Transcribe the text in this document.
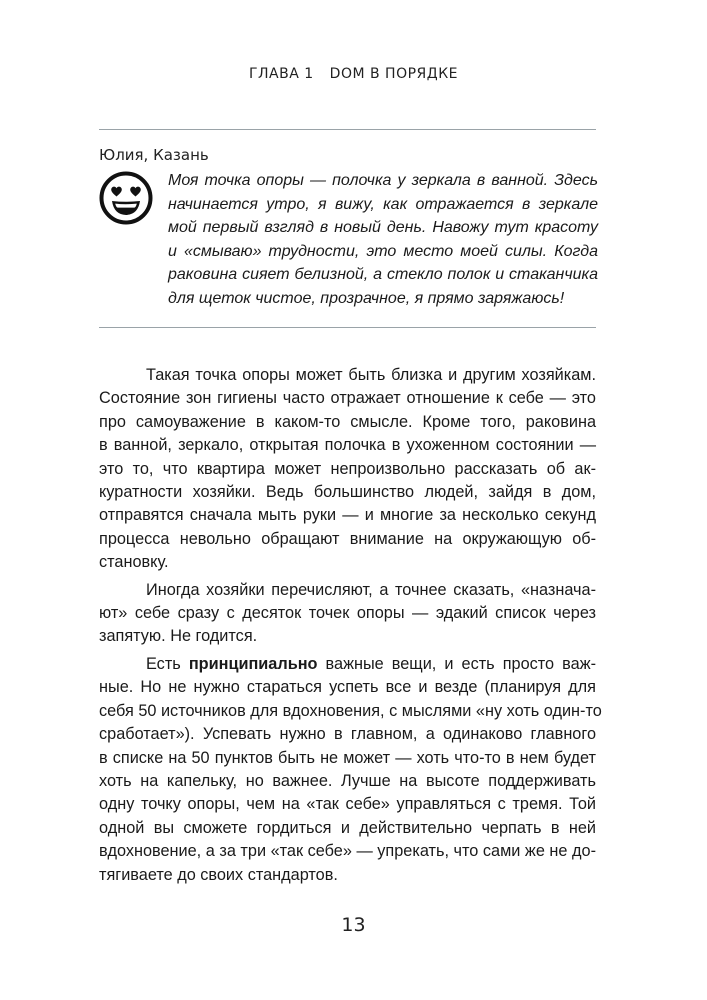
ГЛАВА 1 DOM В ПОРЯДКЕ
Юлия, Казань
Моя точка опоры — полочка у зеркала в ванной. Здесь
начинается утро, я вижу, как отражается в зеркале
мой первый взгляд в новый день. Навожу тут красоту
и «смываю» трудности, это место моей силы. Когда
раковина сияет белизной, а стекло полок и стаканчика
для щеток чистое, прозрачное, я прямо заряжаюсь!
Такая точка опоры может быть близка и другим хозяйкам.
Состояние зон гигиены часто отражает отношение к себе — это
про самоуважение в каком-то смысле. Кроме того, раковина
в ванной, зеркало, открытая полочка в ухоженном состоянии —
это то, что квартира может непроизвольно рассказать об ак-
куратности хозяйки. Ведь большинство людей, зайдя в дом,
отправятся сначала мыть руки — и многие за несколько секунд
процесса невольно обращают внимание на окружающую об-
становку.
Иногда хозяйки перечисляют, а точнее сказать, «назнача-
ют» себе сразу с десяток точек опоры — эдакий список через
запятую. Не годится.
Есть принципиально важные вещи, и есть просто важ-
ные. Но не нужно стараться успеть все и везде (планируя для
себя 50 источников для вдохновения, с мыслями «ну хоть один-то
сработает»). Успевать нужно в главном, а одинаково главного
в списке на 50 пунктов быть не может — хоть что-то в нем будет
хоть на капельку, но важнее. Лучше на высоте поддерживать
одну точку опоры, чем на «так себе» управляться с тремя. Той
одной вы сможете гордиться и действительно черпать в ней
вдохновение, а за три «так себе» — упрекать, что сами же не до-
тягиваете до своих стандартов.
13
